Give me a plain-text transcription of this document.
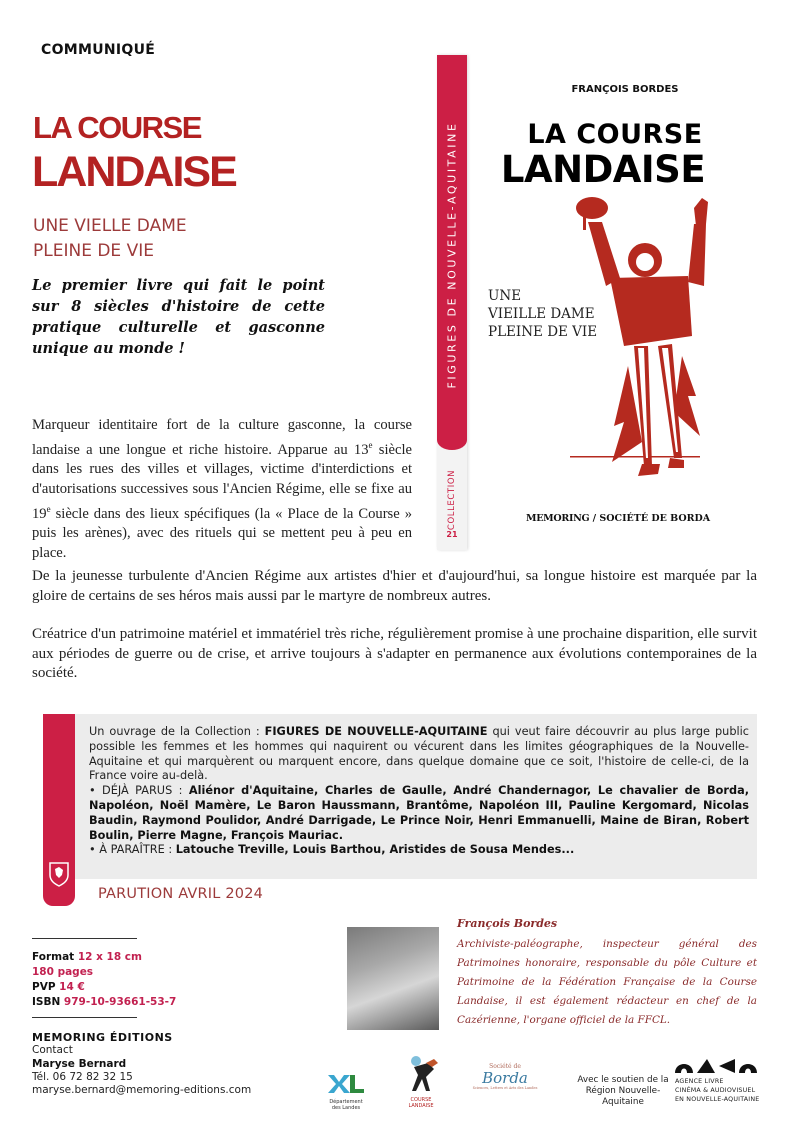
COMMUNIQUÉ
LA COURSE
LANDAISE
UNE VIELLE DAME
PLEINE DE VIE
Le premier livre qui fait le point sur 8 siècles d'histoire de cette pratique culturelle et gasconne unique au monde !
Marqueur identitaire fort de la culture gasconne, la course landaise a une longue et riche histoire. Apparue au 13e siècle dans les rues des villes et villages, victime d'interdictions et d'autorisations successives sous l'Ancien Régime, elle se fixe au 19e siècle dans des lieux spécifiques (la « Place de la Course » puis les arènes), avec des rituels qui se mettent peu à peu en place.
De la jeunesse turbulente d'Ancien Régime aux artistes d'hier et d'aujourd'hui, sa longue histoire est marquée par la gloire de certains de ses héros mais aussi par le martyre de nombreux autres.
Créatrice d'un patrimoine matériel et immatériel très riche, régulièrement promise à une prochaine disparition, elle survit aux périodes de guerre ou de crise, et arrive toujours à s'adapter en permanence aux évolutions contemporaines de la société.
FIGURES DE NOUVELLE-AQUITAINE
COLLECTION
21
FRANÇOIS BORDES
LA COURSE
LANDAISE
UNE
VIEILLE DAME
PLEINE DE VIE
MEMORING / SOCIÉTÉ DE BORDA
Un ouvrage de la Collection : FIGURES DE NOUVELLE-AQUITAINE qui veut faire découvrir au plus large public possible les femmes et les hommes qui naquirent ou vécurent dans les limites géographiques de la Nouvelle-Aquitaine et qui marquèrent ou marquent encore, dans quelque domaine que ce soit, l'histoire de celle-ci, de la France voire au-delà.
• DÉJÀ PARUS : Aliénor d'Aquitaine, Charles de Gaulle, André Chandernagor, Le chavalier de Borda, Napoléon, Noël Mamère, Le Baron Haussmann, Brantôme, Napoléon III, Pauline Kergomard, Nicolas Baudin, Raymond Poulidor, André Darrigade, Le Prince Noir, Henri Emmanuelli, Maine de Biran, Robert Boulin, Pierre Magne, François Mauriac.
• À PARAÎTRE : Latouche Treville, Louis Barthou, Aristides de Sousa Mendes...
PARUTION AVRIL 2024
Format 12 x 18 cm
180 pages
PVP 14 €
ISBN 979-10-93661-53-7
MEMORING ÉDITIONS
Contact
Maryse Bernard
Tél. 06 72 82 32 15
maryse.bernard@memoring-editions.com
François Bordes
Archiviste-paléographe, inspecteur général des Patrimoines honoraire, responsable du pôle Culture et Patrimoine de la Fédération Française de la Course Landaise, il est également rédacteur en chef de la Cazérienne, l'organe officiel de la FFCL.
Département
des Landes
COURSE LANDAISE
Société de
Borda
Sciences, Lettres et Arts des Landes
Avec le soutien de la Région Nouvelle-Aquitaine
AGENCE LIVRE
CINÉMA & AUDIOVISUEL
EN NOUVELLE-AQUITAINE
